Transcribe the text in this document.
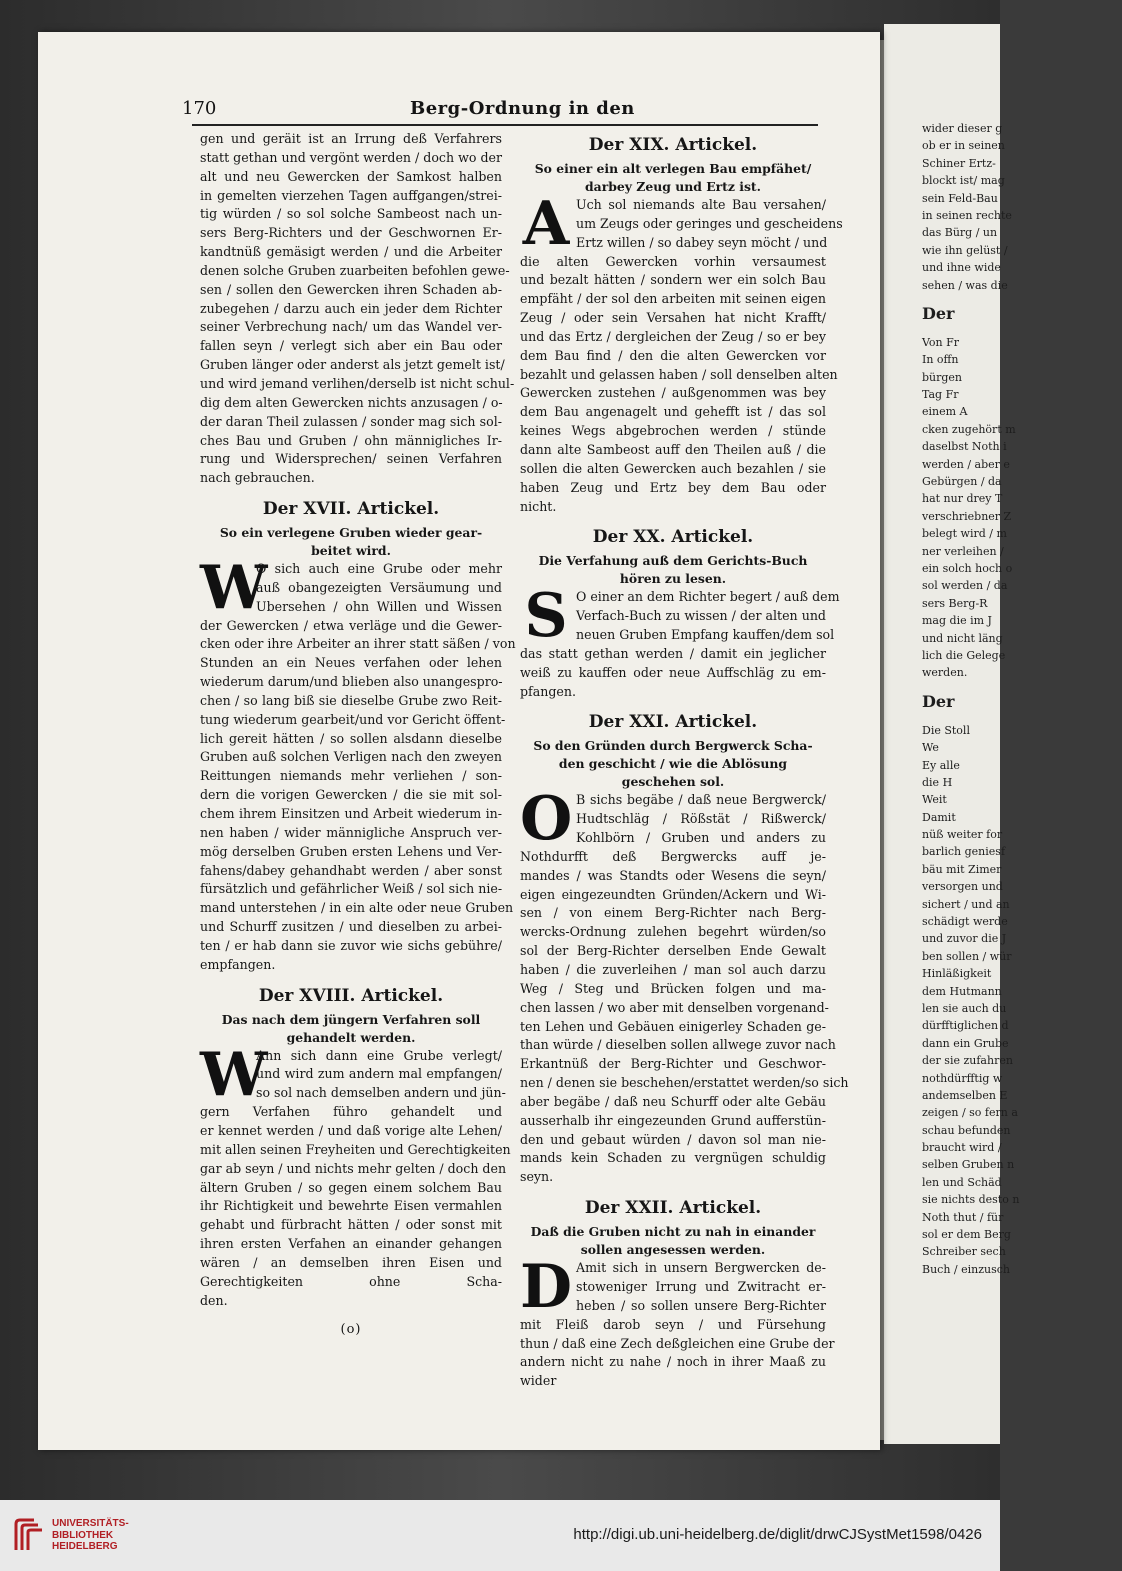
wider dieser g
ob er in seinen
Schiner Ertz-
blockt ist/ mag
sein Feld-Bau
in seinen rechte
das Bürg / un
wie ihn gelüst /
und ihne wide
sehen / was die
Der
Von Fr
In offn
bürgen
Tag Fr
einem A
cken zugehört m
daselbst Noth i
werden / aber e
Gebürgen / da
hat nur drey T
verschriebner Z
belegt wird / m
ner verleihen /
ein solch hoch o
sol werden / da
sers Berg-R
mag die im J
und nicht läng
lich die Gelege
werden.
Der
Die Stoll
We
Ey alle
die H
Weit
Damit
nüß weiter for
barlich geniesf
bäu mit Zimer
versorgen und
sichert / und an
schädigt werde
und zuvor die J
ben sollen / wür
Hinläßigkeit
dem Hutmann
len sie auch du
dürfftiglichen d
dann ein Grube
der sie zufahren
nothdürfftig w
andemselben E
zeigen / so fern a
schau befunden
braucht wird /
selben Gruben n
len und Schäd
sie nichts desto n
Noth thut / für
sol er dem Berg
Schreiber sech
Buch / einzusch
170	Berg-Ordnung in den
gen und geräit ist an Irrung deß Verfahrers
statt gethan und vergönt werden / doch wo der
alt und neu Gewercken der Samkost halben
in gemelten vierzehen Tagen auffgangen/strei-
tig würden / so sol solche Sambeost nach un-
sers Berg-Richters und der Geschwornen Er-
kandtnüß gemäsigt werden / und die Arbeiter
denen solche Gruben zuarbeiten befohlen gewe-
sen / sollen den Gewercken ihren Schaden ab-
zubegehen / darzu auch ein jeder dem Richter
seiner Verbrechung nach/ um das Wandel ver-
fallen seyn / verlegt sich aber ein Bau oder
Gruben länger oder anderst als jetzt gemelt ist/
und wird jemand verlihen/derselb ist nicht schul-
dig dem alten Gewercken nichts anzusagen / o-
der daran Theil zulassen / sonder mag sich sol-
ches Bau und Gruben / ohn männigliches Ir-
rung und Widersprechen/ seinen Verfahren
nach gebrauchen.
Der XVII. Artickel.
So ein verlegene Gruben wieder gear-
beitet wird.
W
O sich auch eine Grube oder mehr
auß obangezeigten Versäumung und
Ubersehen / ohn Willen und Wissen
der Gewercken / etwa verläge und die Gewer-
cken oder ihre Arbeiter an ihrer statt säßen / von
Stunden an ein Neues verfahen oder lehen
wiederum darum/und blieben also unangespro-
chen / so lang biß sie dieselbe Grube zwo Reit-
tung wiederum gearbeit/und vor Gericht öffent-
lich gereit hätten / so sollen alsdann dieselbe
Gruben auß solchen Verligen nach den zweyen
Reittungen niemands mehr verliehen / son-
dern die vorigen Gewercken / die sie mit sol-
chem ihrem Einsitzen und Arbeit wiederum in-
nen haben / wider männigliche Anspruch ver-
mög derselben Gruben ersten Lehens und Ver-
fahens/dabey gehandhabt werden / aber sonst
fürsätzlich und gefährlicher Weiß / sol sich nie-
mand unterstehen / in ein alte oder neue Gruben
und Schurff zusitzen / und dieselben zu arbei-
ten / er hab dann sie zuvor wie sichs gebühre/
empfangen.
Der XVIII. Artickel.
Das nach dem jüngern Verfahren soll
gehandelt werden.
W
Ann sich dann eine Grube verlegt/
und wird zum andern mal empfangen/
so sol nach demselben andern und jün-
gern Verfahen führo gehandelt und
er kennet werden / und daß vorige alte Lehen/
mit allen seinen Freyheiten und Gerechtigkeiten
gar ab seyn / und nichts mehr gelten / doch den
ältern Gruben / so gegen einem solchem Bau
ihr Richtigkeit und bewehrte Eisen vermahlen
gehabt und fürbracht hätten / oder sonst mit
ihren ersten Verfahen an einander gehangen
wären / an demselben ihren Eisen und
Gerechtigkeiten ohne Scha-
den.
(o)
Der XIX. Artickel.
So einer ein alt verlegen Bau empfähet/
darbey Zeug und Ertz ist.
A Uch sol niemands alte Bau versahen/
um Zeugs oder geringes und gescheidens
Ertz willen / so dabey seyn möcht / und
die alten Gewercken vorhin versaumest
und bezalt hätten / sondern wer ein solch Bau
empfäht / der sol den arbeiten mit seinen eigen
Zeug / oder sein Versahen hat nicht Krafft/
und das Ertz / dergleichen der Zeug / so er bey
dem Bau find / den die alten Gewercken vor
bezahlt und gelassen haben / soll denselben alten
Gewercken zustehen / außgenommen was bey
dem Bau angenagelt und gehefft ist / das sol
keines Wegs abgebrochen werden / stünde
dann alte Sambeost auff den Theilen auß / die
sollen die alten Gewercken auch bezahlen / sie
haben Zeug und Ertz bey dem Bau oder
nicht.
Der XX. Artickel.
Die Verfahung auß dem Gerichts-Buch
hören zu lesen.
S O einer an dem Richter begert / auß dem
Verfach-Buch zu wissen / der alten und
neuen Gruben Empfang kauffen/dem sol
das statt gethan werden / damit ein jeglicher
weiß zu kauffen oder neue Auffschläg zu em-
pfangen.
Der XXI. Artickel.
So den Gründen durch Bergwerck Scha-
den geschicht / wie die Ablösung
geschehen sol.
O B sichs begäbe / daß neue Bergwerck/
Hudtschläg / Rößstät / Rißwerck/
Kohlbörn / Gruben und anders zu
Nothdurfft deß Bergwercks auff je-
mandes / was Standts oder Wesens die seyn/
eigen eingezeundten Gründen/Ackern und Wi-
sen / von einem Berg-Richter nach Berg-
wercks-Ordnung zulehen begehrt würden/so
sol der Berg-Richter derselben Ende Gewalt
haben / die zuverleihen / man sol auch darzu
Weg / Steg und Brücken folgen und ma-
chen lassen / wo aber mit denselben vorgenand-
ten Lehen und Gebäuen einigerley Schaden ge-
than würde / dieselben sollen allwege zuvor nach
Erkantnüß der Berg-Richter und Geschwor-
nen / denen sie beschehen/erstattet werden/so sich
aber begäbe / daß neu Schurff oder alte Gebäu
ausserhalb ihr eingezeunden Grund aufferstün-
den und gebaut würden / davon sol man nie-
mands kein Schaden zu vergnügen schuldig
seyn.
Der XXII. Artickel.
Daß die Gruben nicht zu nah in einander
sollen angesessen werden.
D Amit sich in unsern Bergwercken de-
stoweniger Irrung und Zwitracht er-
heben / so sollen unsere Berg-Richter
mit Fleiß darob seyn / und Fürsehung
thun / daß eine Zech deßgleichen eine Grube der
andern nicht zu nahe / noch in ihrer Maaß zu
wider
UNIVERSITÄTS-
BIBLIOTHEK
HEIDELBERG
http://digi.ub.uni-heidelberg.de/diglit/drwCJSystMet1598/0426
